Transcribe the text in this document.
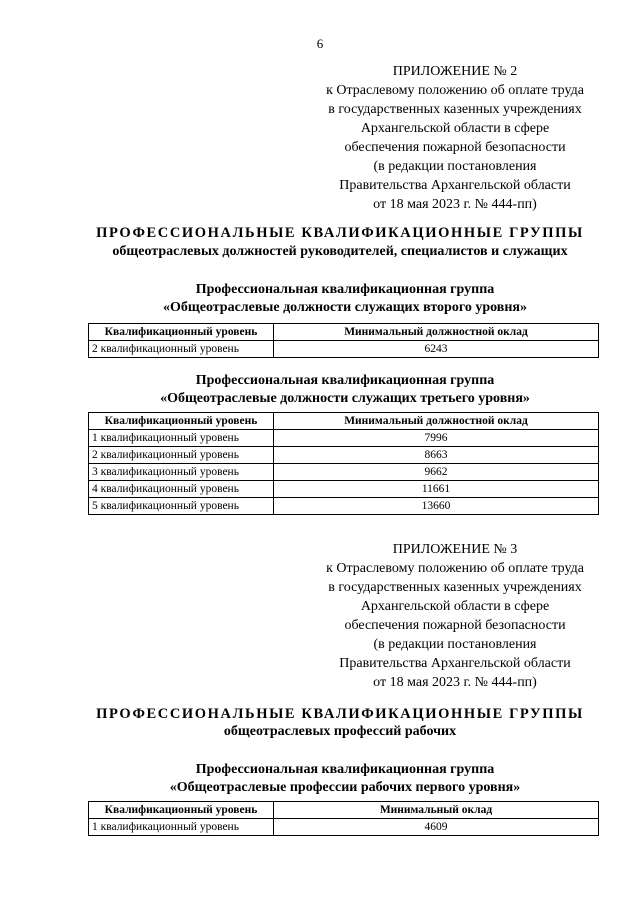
6
ПРИЛОЖЕНИЕ № 2
к Отраслевому положению об оплате труда
в государственных казенных учреждениях
Архангельской области в сфере
обеспечения пожарной безопасности
(в редакции постановления
Правительства Архангельской области
от 18 мая 2023 г. № 444-пп)
ПРОФЕССИОНАЛЬНЫЕ КВАЛИФИКАЦИОННЫЕ ГРУППЫ
общеотраслевых должностей руководителей, специалистов и служащих
Профессиональная квалификационная группа
«Общеотраслевые должности служащих второго уровня»
Квалификационный уровень	Минимальный должностной оклад
2 квалификационный уровень	6243
Профессиональная квалификационная группа
«Общеотраслевые должности служащих третьего уровня»
Квалификационный уровень	Минимальный должностной оклад
1 квалификационный уровень	7996
2 квалификационный уровень	8663
3 квалификационный уровень	9662
4 квалификационный уровень	11661
5 квалификационный уровень	13660
ПРИЛОЖЕНИЕ № 3
к Отраслевому положению об оплате труда
в государственных казенных учреждениях
Архангельской области в сфере
обеспечения пожарной безопасности
(в редакции постановления
Правительства Архангельской области
от 18 мая 2023 г. № 444-пп)
ПРОФЕССИОНАЛЬНЫЕ КВАЛИФИКАЦИОННЫЕ ГРУППЫ
общеотраслевых профессий рабочих
Профессиональная квалификационная группа
«Общеотраслевые профессии рабочих первого уровня»
Квалификационный уровень	Минимальный оклад
1 квалификационный уровень	4609
